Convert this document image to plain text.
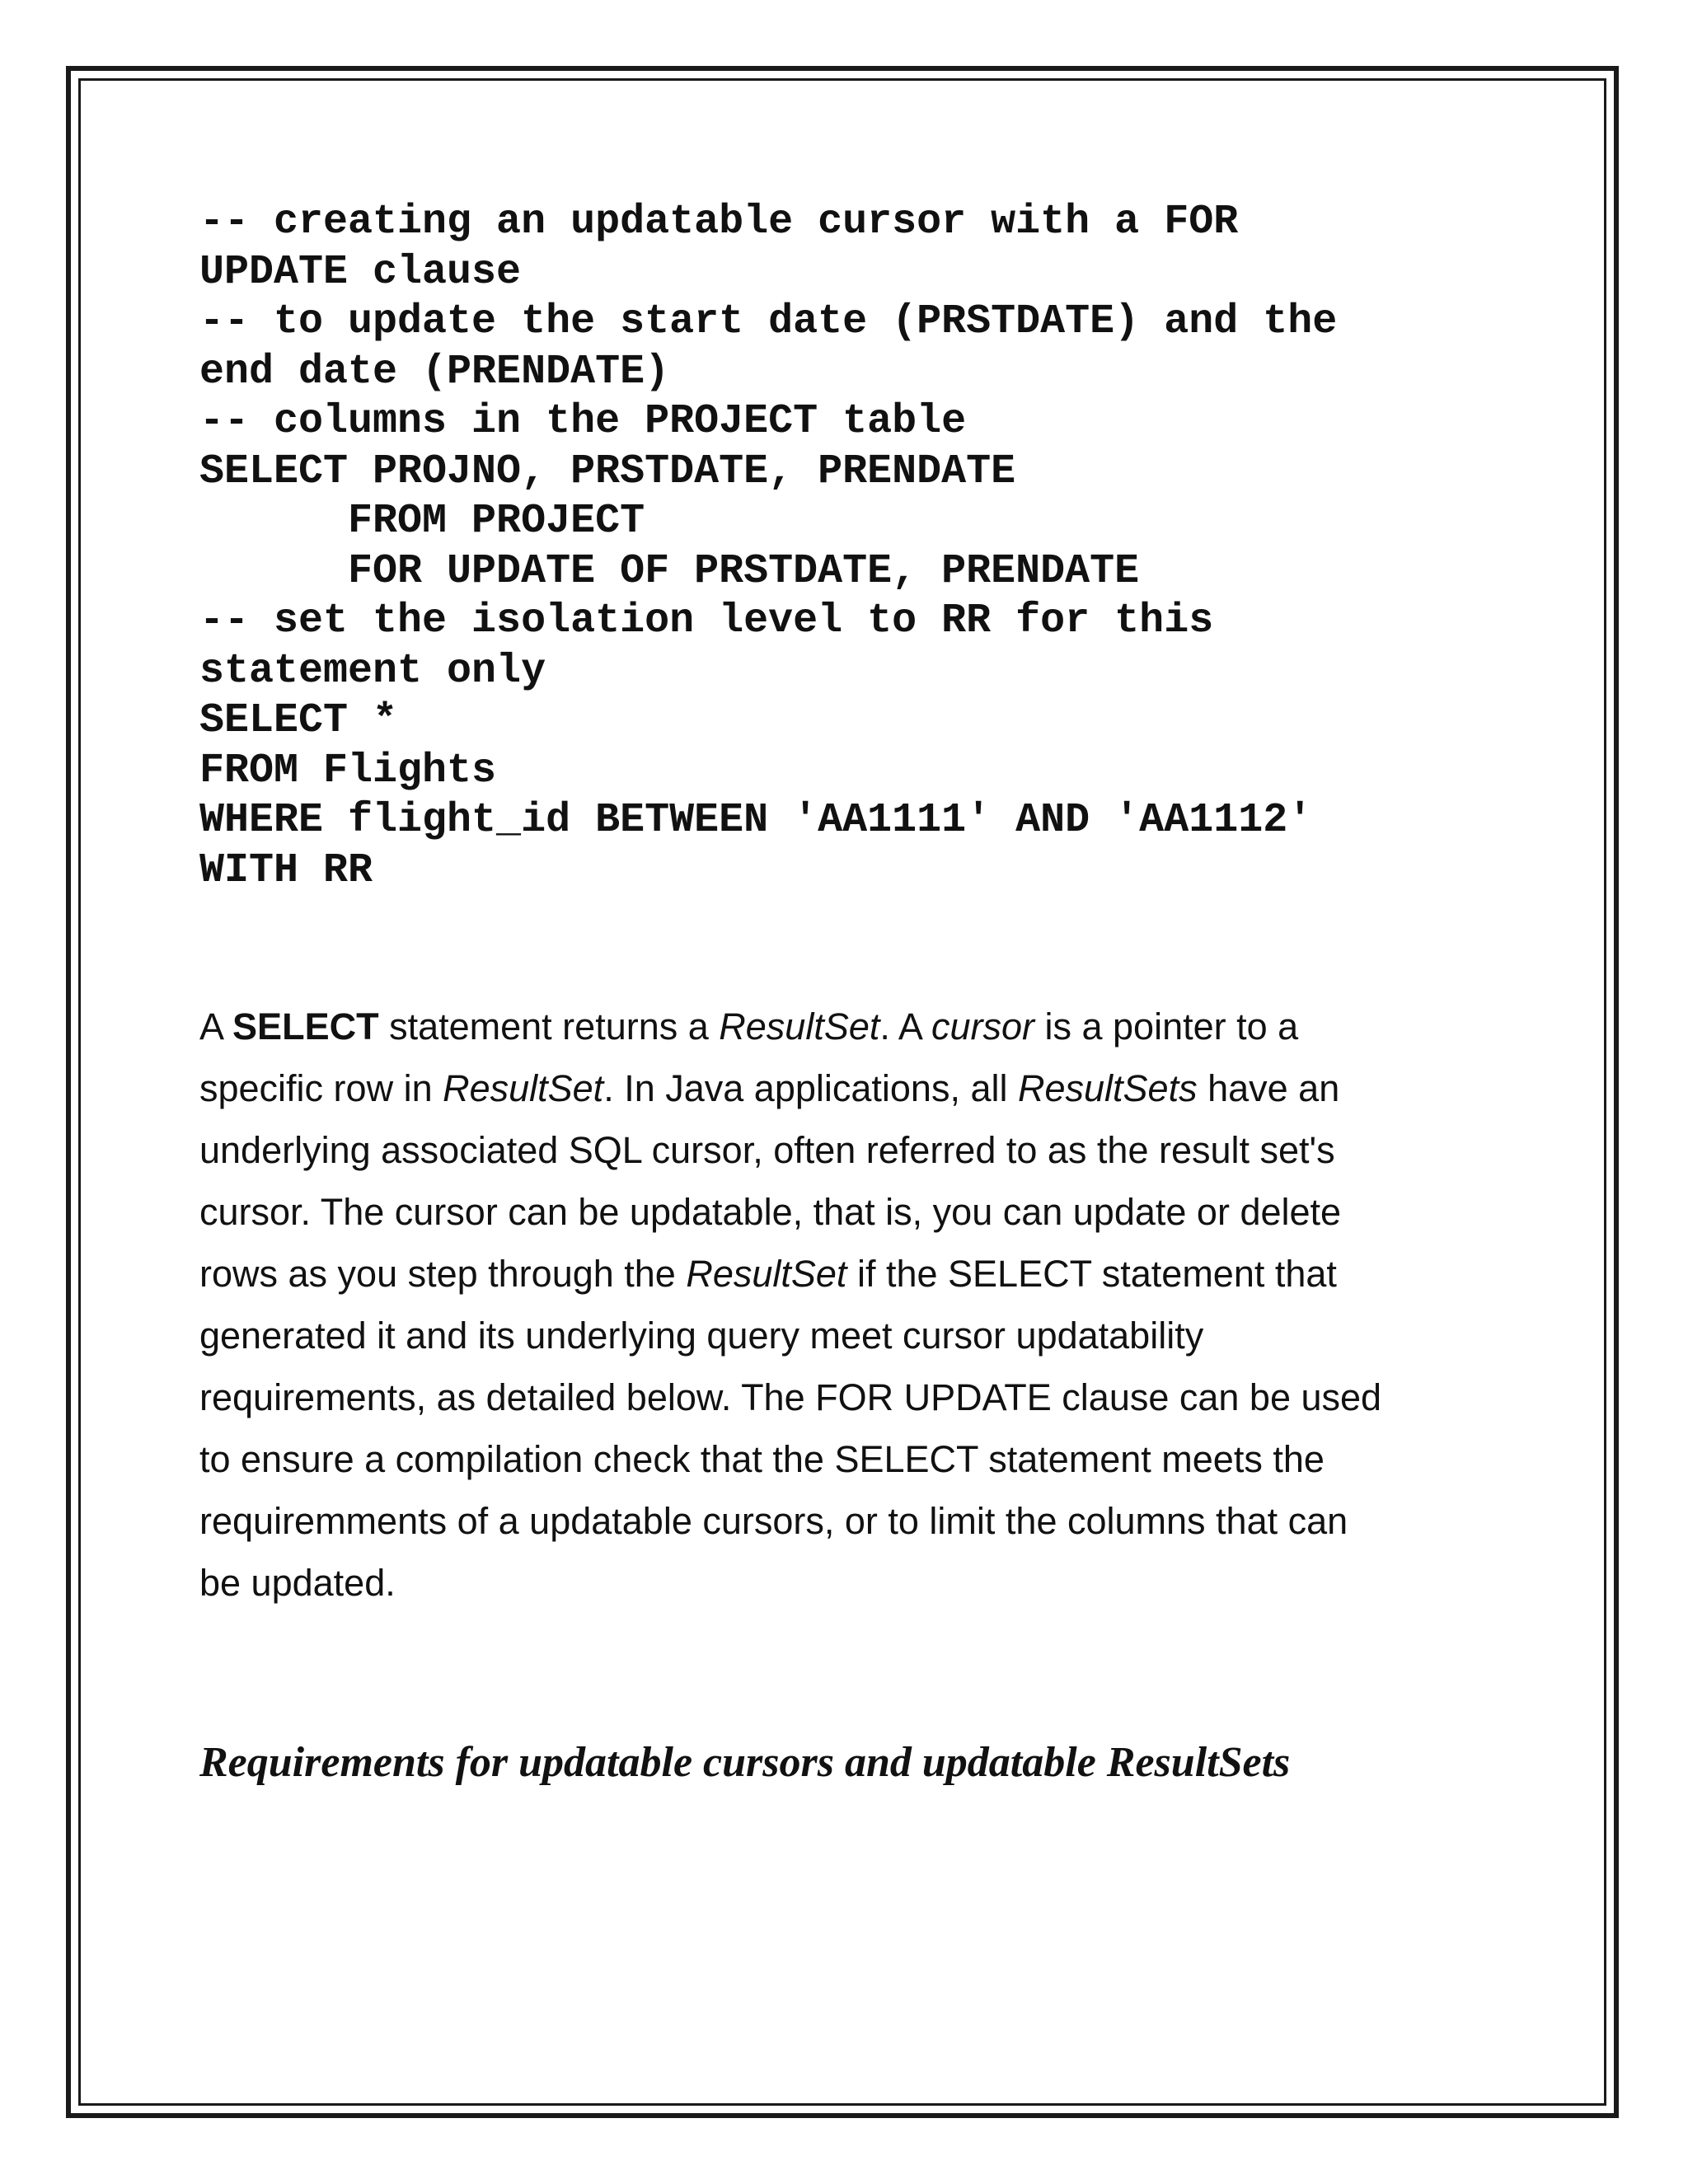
-- creating an updatable cursor with a FOR
UPDATE clause
-- to update the start date (PRSTDATE) and the
end date (PRENDATE)
-- columns in the PROJECT table
SELECT PROJNO, PRSTDATE, PRENDATE
FROM PROJECT
FOR UPDATE OF PRSTDATE, PRENDATE
-- set the isolation level to RR for this
statement only
SELECT *
FROM Flights
WHERE flight_id BETWEEN 'AA1111' AND 'AA1112'
WITH RR
A SELECT statement returns a ResultSet. A cursor is a pointer to a
specific row in ResultSet. In Java applications, all ResultSets have an
underlying associated SQL cursor, often referred to as the result set's
cursor. The cursor can be updatable, that is, you can update or delete
rows as you step through the ResultSet if the SELECT statement that
generated it and its underlying query meet cursor updatability
requirements, as detailed below. The FOR UPDATE clause can be used
to ensure a compilation check that the SELECT statement meets the
requiremments of a updatable cursors, or to limit the columns that can
be updated.
Requirements for updatable cursors and updatable ResultSets
